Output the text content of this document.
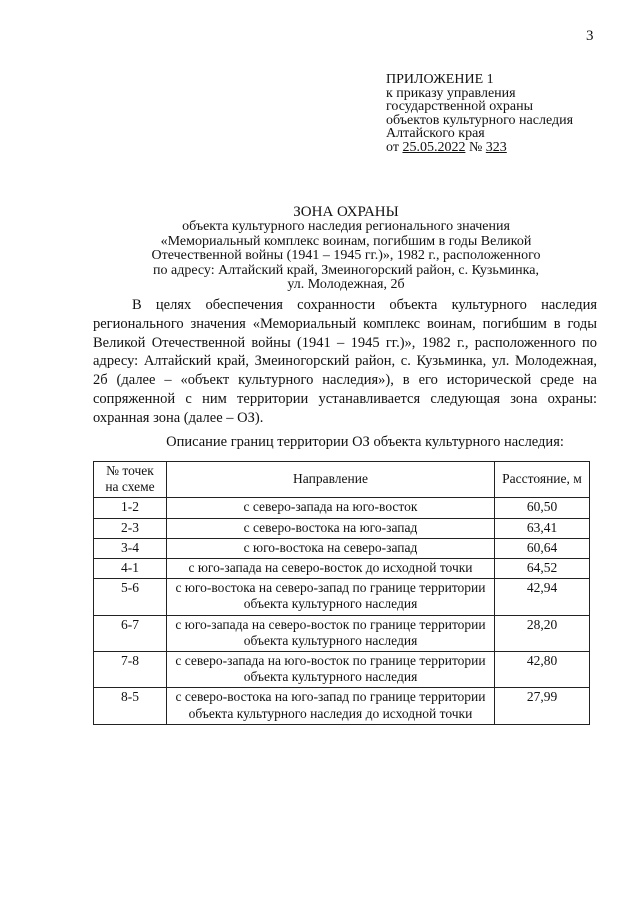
3
ПРИЛОЖЕНИЕ 1
к приказу управления
государственной охраны
объектов культурного наследия
Алтайского края
от 25.05.2022 № 323
ЗОНА ОХРАНЫ
объекта культурного наследия регионального значения
«Мемориальный комплекс воинам, погибшим в годы Великой
Отечественной войны (1941 – 1945 гг.)», 1982 г., расположенного
по адресу: Алтайский край, Змеиногорский район, с. Кузьминка,
ул. Молодежная, 2б

В целях обеспечения сохранности объекта культурного наследия регионального значения «Мемориальный комплекс воинам, погибшим в годы Великой Отечественной войны (1941 – 1945 гг.)», 1982 г., расположенного по адресу: Алтайский край, Змеиногорский район, с. Кузьминка, ул. Молодежная, 2б (далее – «объект культурного наследия»), в его исторической среде на сопряженной с ним территории устанавливается следующая зона охраны: охранная зона (далее – ОЗ).

Описание границ территории ОЗ объекта культурного наследия:
№ точек на схеме	Направление	Расстояние, м
1-2	с северо-запада на юго-восток	60,50
2-3	с северо-востока на юго-запад	63,41
3-4	с юго-востока на северо-запад	60,64
4-1	с юго-запада на северо-восток до исходной точки	64,52
5-6	с юго-востока на северо-запад по границе территории объекта культурного наследия	42,94
6-7	с юго-запада на северо-восток по границе территории объекта культурного наследия	28,20
7-8	с северо-запада на юго-восток по границе территории объекта культурного наследия	42,80
8-5	с северо-востока на юго-запад по границе территории объекта культурного наследия до исходной точки	27,99
